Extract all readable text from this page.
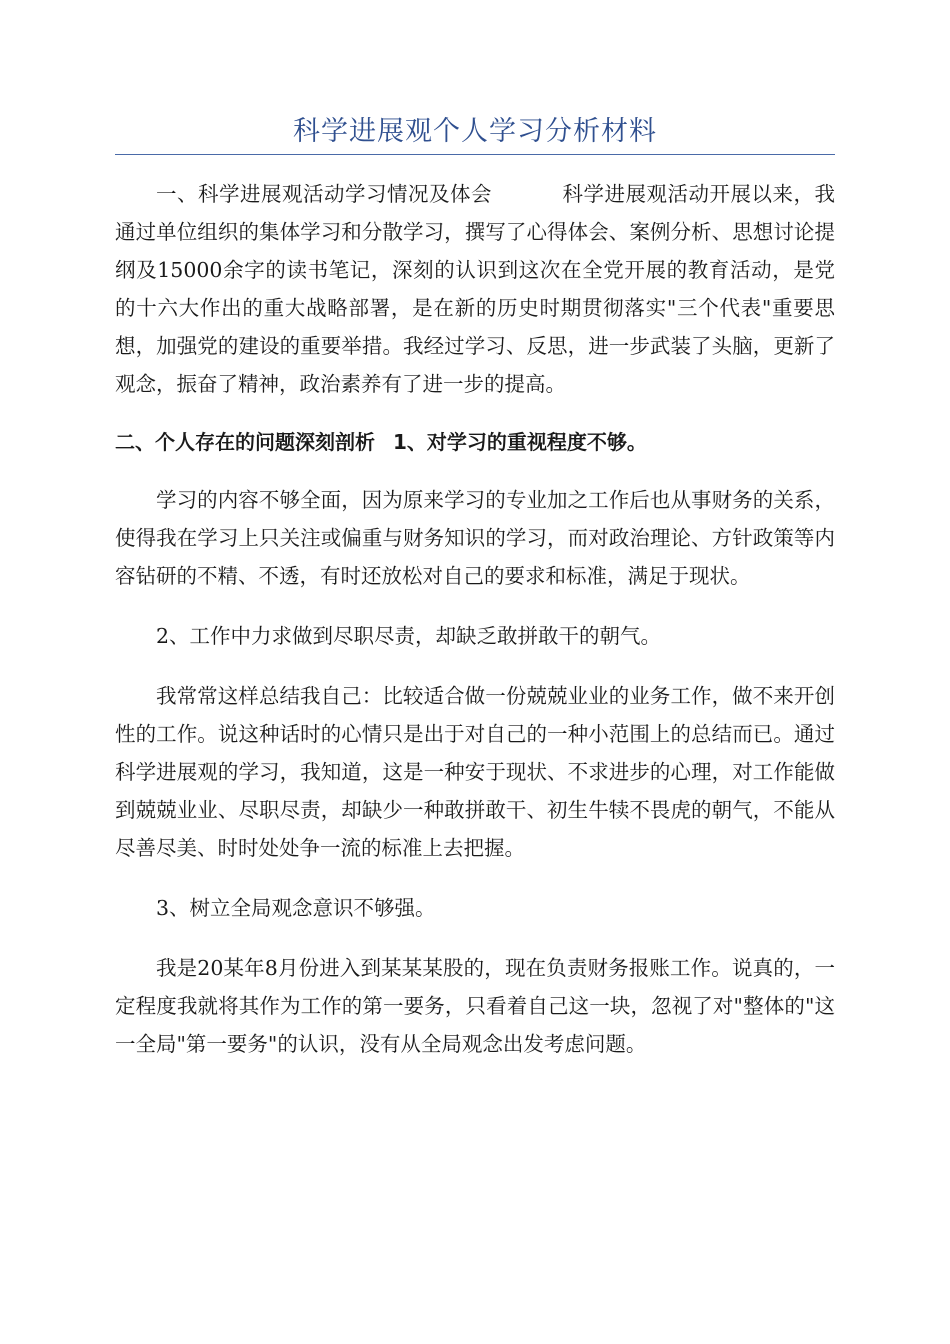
科学进展观个人学习分析材料

一、科学进展观活动学习情况及体会	科学进展观活动开展以来，我通过单位组织的集体学习和分散学习，撰写了心得体会、案例分析、思想讨论提纲及15000余字的读书笔记，深刻的认识到这次在全党开展的教育活动，是党的十六大作出的重大战略部署，是在新的历史时期贯彻落实"三个代表"重要思想，加强党的建设的重要举措。我经过学习、反思，进一步武装了头脑，更新了观念，振奋了精神，政治素养有了进一步的提高。

二、个人存在的问题深刻剖析 1、对学习的重视程度不够。

学习的内容不够全面，因为原来学习的专业加之工作后也从事财务的关系，使得我在学习上只关注或偏重与财务知识的学习，而对政治理论、方针政策等内容钻研的不精、不透，有时还放松对自己的要求和标准，满足于现状。

2、工作中力求做到尽职尽责，却缺乏敢拼敢干的朝气。

我常常这样总结我自己：比较适合做一份兢兢业业的业务工作，做不来开创性的工作。说这种话时的心情只是出于对自己的一种小范围上的总结而已。通过科学进展观的学习，我知道，这是一种安于现状、不求进步的心理，对工作能做到兢兢业业、尽职尽责，却缺少一种敢拼敢干、初生牛犊不畏虎的朝气，不能从尽善尽美、时时处处争一流的标准上去把握。

3、树立全局观念意识不够强。

我是20某年8月份进入到某某某股的，现在负责财务报账工作。说真的，一定程度我就将其作为工作的第一要务，只看着自己这一块，忽视了对"整体的"这一全局"第一要务"的认识，没有从全局观念出发考虑问题。
